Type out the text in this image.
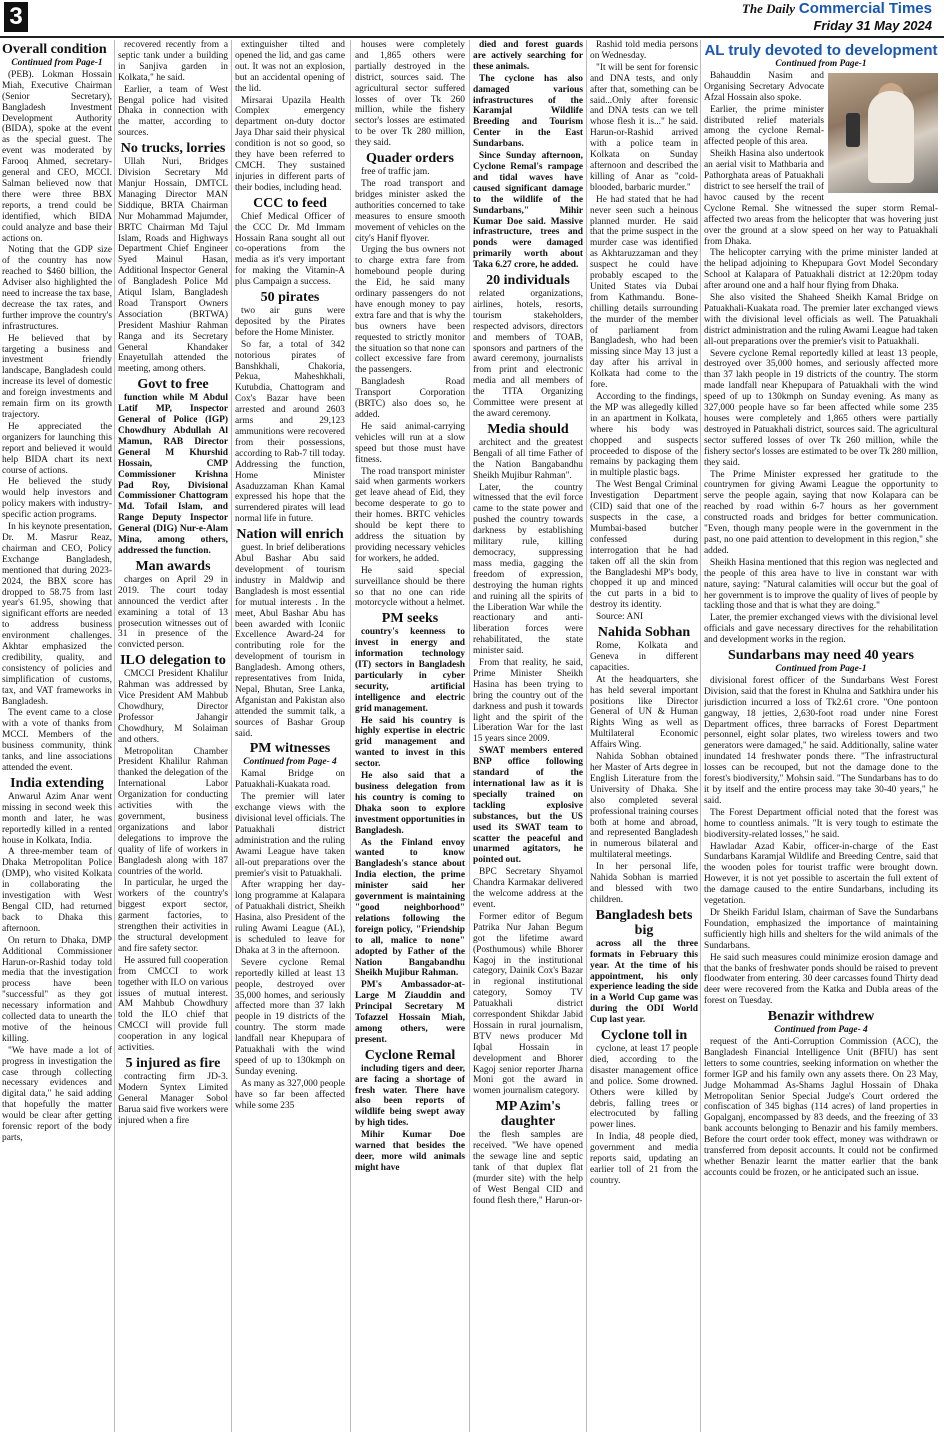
3	The Daily Commercial Times
Friday 31 May 2024
Overall condition
Continued from Page-1

(PEB). Lokman Hossain Miah, Executive Chairman (Senior Secretary), Bangladesh Investment Development Authority (BIDA), spoke at the event as the special guest. The event was moderated by Farooq Ahmed, secretary-general and CEO, MCCI. Salman believed now that there were three BBX reports, a trend could be identified, which BIDA could analyze and base their actions on.

Noting that the GDP size of the country has now reached to $460 billion, the Adviser also highlighted the need to increase the tax base, decrease the tax rates, and further improve the country's infrastructures.

He believed that by targeting a business and investment friendly landscape, Bangladesh could increase its level of domestic and foreign investments and remain firm on its growth trajectory.

He appreciated the organizers for launching this report and believed it would help BIDA chart its next course of actions.

He believed the study would help investors and policy makers with industry-specific action programs.

In his keynote presentation, Dr. M. Masrur Reaz, chairman and CEO, Policy Exchange Bangladesh, mentioned that during 2023-2024, the BBX score has dropped to 58.75 from last year's 61.95, showing that significant efforts are needed to address business environment challenges. Akhtar emphasized the credibility, quality, and consistency of policies and simplification of customs, tax, and VAT frameworks in Bangladesh.

The event came to a close with a vote of thanks from MCCI. Members of the business community, think tanks, and line associations attended the event.

India extending

Anwarul Azim Anar went missing in second week this month and later, he was reportedly killed in a rented house in Kolkata, India.

A three-member team of Dhaka Metropolitan Police (DMP), who visited Kolkata in collaborating the investigation with West Bengal CID, had returned back to Dhaka this afternoon.

On return to Dhaka, DMP Additional Commissioner Harun-or-Rashid today told media that the investigation process have been "successful" as they got necessary information and collected data to unearth the motive of the heinous killing.

"We have made a lot of progress in investigation the case through collecting necessary evidences and digital data," he said adding that hopefully the matter would be clear after getting forensic report of the body parts,

recovered recently from a septic tank under a building in Sanjiva garden in Kolkata," he said.

Earlier, a team of West Bengal police had visited Dhaka in connection with the matter, according to sources.

No trucks, lorries

Ullah Nuri, Bridges Division Secretary Md Manjur Hossain, DMTCL Managing Director MAN Siddique, BRTA Chairman Nur Mohammad Majumder, BRTC Chairman Md Tajul Islam, Roads and Highways Department Chief Engineer Syed Mainul Hasan, Additional Inspector General of Bangladesh Police Md Atiqul Islam, Bangladesh Road Transport Owners Association (BRTWA) President Mashiur Rahman Ranga and its Secretary General Khandaker Enayetullah attended the meeting, among others.

Govt to free

function while M Abdul Latif MP, Inspector General of Police (IGP) Chowdhury Abdullah Al Mamun, RAB Director General M Khurshid Hossain, CMP Commissioner Krishna Pad Roy, Divisional Commissioner Chattogram Md. Tofail Islam, and Range Deputy Inspector General (DIG) Nur-e-Alam Mina, among others, addressed the function.

Man awards

charges on April 29 in 2019. The court today announced the verdict after examining a total of 13 prosecution witnesses out of 31 in presence of the convicted person.

ILO delegation to

CMCCI President Khalilur Rahman was addressed by Vice President AM Mahbub Chowdhury, Director Professor Jahangir Chowdhury, M Solaiman and others.

Metropolitan Chamber President Khalilur Rahman thanked the delegation of the International Labor Organization for conducting activities with the government, business organizations and labor delegations to improve the quality of life of workers in Bangladesh along with 187 countries of the world.

In particular, he urged the workers of the country's biggest export sector, garment factories, to strengthen their activities in the structural development and fire safety sector.

He assured full cooperation from CMCCI to work together with ILO on various issues of mutual interest. AM Mahbub Chowdhury told the ILO chief that CMCCI will provide full cooperation in any logical activities.

5 injured as fire

contracting firm JD-3. Modern Syntex Limited General Manager Sobol Barua said five workers were injured when a fire

extinguisher tilted and opened the lid, and gas came out. It was not an explosion, but an accidental opening of the lid.

Mirsarai Upazila Health Complex emergency department on-duty doctor Jaya Dhar said their physical condition is not so good, so they have been referred to CMCH. They sustained injuries in different parts of their bodies, including head.

CCC to feed

Chief Medical Officer of the CCC Dr. Md Immam Hossain Rana sought all out co-operations from the media as it's very important for making the Vitamin-A plus Campaign a success.

50 pirates

two air guns were deposited by the Pirates before the Home Minister.

So far, a total of 342 notorious pirates of Banshkhali, Chakoria, Pekua, Maheshkhali, Kutubdia, Chattogram and Cox's Bazar have been arrested and around 2603 arms and 29,123 ammunitions were recovered from their possessions, according to Rab-7 till today. Addressing the function, Home Minister Asaduzzaman Khan Kamal expressed his hope that the surrendered pirates will lead normal life in future.

Nation will enrich

guest. In brief deliberations Abul Bashar Abu said development of tourism industry in Maldwip and Bangladesh is most essential for mutual interests . In the meet, Abul Bashar Abu has been awarded with Iconiic Excellence Award-24 for contributing role for the development of tourism in Bangladesh. Among others, representatives from Inida, Nepal, Bhutan, Sree Lanka, Afganistan and Pakistan also attended the summit talk, a sources of Bashar Group said.

PM witnesses
Continued from Page- 4

Kamal Bridge on Patuakhali-Kuakata road.

The premier will later exchange views with the divisional level officials. The Patuakhali district administration and the ruling Awami League have taken all-out preparations over the premier's visit to Patuakhali.

After wrapping her day-long programme at Kalapara of Patuakhali district, Sheikh Hasina, also President of the ruling Awami League (AL), is scheduled to leave for Dhaka at 3 in the afternoon.

Severe cyclone Remal reportedly killed at least 13 people, destroyed over 35,000 homes, and seriously affected more than 37 lakh people in 19 districts of the country. The storm made landfall near Khepupara of Patuakhali with the wind speed of up to 130kmph on Sunday evening.

As many as 327,000 people have so far been affected while some 235

houses were completely and 1,865 others were partially destroyed in the district, sources said. The agricultural sector suffered losses of over Tk 260 million, while the fishery sector's losses are estimated to be over Tk 280 million, they said.

Quader orders

free of traffic jam.

The road transport and bridges minister asked the authorities concerned to take measures to ensure smooth movement of vehicles on the city's Hanif flyover.

Urging the bus owners not to charge extra fare from homebound people during the Eid, he said many ordinary passengers do not have enough money to pay extra fare and that is why the bus owners have been requested to strictly monitor the situation so that none can collect excessive fare from the passengers.

Bangladesh Road Transport Corporation (BRTC) also does so, he added.

He said animal-carrying vehicles will run at a slow speed but those must have fitness.

The road transport minister said when garments workers get leave ahead of Eid, they become desperate to go to their homes. BRTC vehicles should be kept there to address the situation by providing necessary vehicles for workers, he added.

He said special surveillance should be there so that no one can ride motorcycle without a helmet.

PM seeks

country's keenness to invest in energy and information technology (IT) sectors in Bangladesh particularly in cyber security, artificial intelligence and electric grid management.

He said his country is highly expertise in electric grid management and wanted to invest in this sector.

He also said that a business delegation from his country is coming to Dhaka soon to explore investment opportunities in Bangladesh.

As the Finland envoy wanted to know Bangladesh's stance about India election, the prime minister said her government is maintaining "good neighborhood" relations following the foreign policy, "Friendship to all, malice to none" adopted by Father of the Nation Bangabandhu Sheikh Mujibur Rahman.

PM's Ambassador-at-Large M Ziauddin and Principal Secretary M Tofazzel Hossain Miah, among others, were present.

Cyclone Remal

including tigers and deer, are facing a shortage of fresh water. There have also been reports of wildlife being swept away by high tides.

Mihir Kumar Doe warned that besides the deer, more wild animals might have

died and forest guards are actively searching for these animals.

The cyclone has also damaged various infrastructures of the Karamjal Wildlife Breeding and Tourism Center in the East Sundarbans.

Since Sunday afternoon, Cyclone Remal's rampage and tidal waves have caused significant damage to the wildlife of the Sundarbans," Mihir Kumar Doe said. Massive infrastructure, trees and ponds were damaged primarily worth about Taka 6.27 crore, he added.

20 individuals

related organizations, airlines, hotels, resorts, tourism stakeholders, respected advisors, directors and members of TOAB, sponsors and partners of the award ceremony, journalists from print and electronic media and all members of the TITA Organizing Committee were present at the award ceremony.

Media should

architect and the greatest Bengali of all time Father of the Nation Bangabandhu Sheikh Mujibur Rahman".

Later, the country witnessed that the evil force came to the state power and pushed the country towards darkness by establishing military rule, killing democracy, suppressing mass media, gagging the freedom of expression, destroying the human rights and ruining all the spirits of the Liberation War while the reactionary and anti-liberation forces were rehabilitated, the state minister said.

From that reality, he said, Prime Minister Sheikh Hasina has been trying to bring the country out of the darkness and push it towards light and the spirit of the Liberation War for the last 15 years since 2009.

SWAT members entered BNP office following standard of the international law as it is specially trained on tackling explosive substances, but the US used its SWAT team to scatter the peaceful and unarmed agitators, he pointed out.

BPC Secretary Shyamol Chandra Karmakar delivered the welcome address at the event.

Former editor of Begum Patrika Nur Jahan Begum got the lifetime award (Posthumous) while Bhorer Kagoj in the institutional category, Dainik Cox's Bazar in regional institutional category, Somoy TV Patuakhali district correspondent Shikdar Jabid Hossain in rural journalism, BTV news producer Md Iqbal Hossain in development and Bhorer Kagoj senior reporter Jharna Moni got the award in women journalism category.

MP Azim's daughter

the flesh samples are received. "We have opened the sewage line and septic tank of that duplex flat (murder site) with the help of West Bengal CID and found flesh there," Harun-or-

Rashid told media persons on Wednesday.

"It will be sent for forensic and DNA tests, and only after that, something can be said...Only after forensic and DNA tests can we tell whose flesh it is..." he said. Harun-or-Rashid arrived with a police team in Kolkata on Sunday afternoon and described the killing of Anar as "cold-blooded, barbaric murder."

He had stated that he had never seen such a heinous planned murder. He said that the prime suspect in the murder case was identified as Akhtaruzzaman and they suspect he could have probably escaped to the United States via Dubai from Kathmandu. Bone-chilling details surrounding the murder of the member of parliament from Bangladesh, who had been missing since May 13 just a day after his arrival in Kolkata had come to the fore.

According to the findings, the MP was allegedly killed in an apartment in Kolkata, where his body was chopped and suspects proceeded to dispose of the remains by packaging them in multiple plastic bags.

The West Bengal Criminal Investigation Department (CID) said that one of the suspects in the case, a Mumbai-based butcher confessed during interrogation that he had taken off all the skin from the Bangladeshi MP's body, chopped it up and minced the cut parts in a bid to destroy its identity.

Source: ANI

Nahida Sobhan

Rome, Kolkata and Geneva in different capacities.

At the headquarters, she has held several important positions like Director General of UN & Human Rights Wing as well as Multilateral Economic Affairs Wing.

Nahida Sobhan obtained her Master of Arts degree in English Literature from the University of Dhaka. She also completed several professional training courses both at home and abroad, and represented Bangladesh in numerous bilateral and multilateral meetings.

In her personal life, Nahida Sobhan is married and blessed with two children.

Bangladesh bets big

across all the three formats in February this year. At the time of his appointment, his only experience leading the side in a World Cup game was during the ODI World Cup last year.

Cyclone toll in

cyclone, at least 17 people died, according to the disaster management office and police. Some drowned. Others were killed by debris, falling trees or electrocuted by falling power lines.

In India, 48 people died, government and media reports said, updating an earlier toll of 21 from the country.

AL truly devoted to development
Continued from Page-1

Bahauddin Nasim and Organising Secretary Advocate Afzal Hossain also spoke.

Earlier, the prime minister distributed relief materials among the cyclone Remal-affected people of this area.

Sheikh Hasina also undertook an aerial visit to Mathbaria and Pathorghata areas of Patuakhali district to see herself the trail of havoc caused by the recent Cyclone Remal. She witnessed the super storm Remal-affected two areas from the helicopter that was hovering just over the ground at a slow speed on her way to Patuakhali from Dhaka.

The helicopter carrying with the prime minister landed at the helipad adjoining to Khepupara Govt Model Secondary School at Kalapara of Patuakhali district at 12:20pm today after around one and a half hour flying from Dhaka.

She also visited the Shaheed Sheikh Kamal Bridge on Patuakhali-Kuakata road. The premier later exchanged views with the divisional level officials as well. The Patuakhali district administration and the ruling Awami League had taken all-out preparations over the premier's visit to Patuakhali.

Severe cyclone Remal reportedly killed at least 13 people, destroyed over 35,000 homes, and seriously affected more than 37 lakh people in 19 districts of the country. The storm made landfall near Khepupara of Patuakhali with the wind speed of up to 130kmph on Sunday evening. As many as 327,000 people have so far been affected while some 235 houses were completely and 1,865 others were partially destroyed in Patuakhali district, sources said. The agricultural sector suffered losses of over Tk 260 million, while the fishery sector's losses are estimated to be over Tk 280 million, they said.

The Prime Minister expressed her gratitude to the countrymen for giving Awami League the opportunity to serve the people again, saying that now Kolapara can be reached by road within 6-7 hours as her government constructed roads and bridges for better communication. "Even, though many people were in the government in the past, no one paid attention to development in this region," she added.

Sheikh Hasina mentioned that this region was neglected and the people of this area have to live in constant war with nature, saying: "Natural calamities will occur but the goal of her government is to improve the quality of lives of people by tackling those and that is what they are doing."

Later, the premier exchanged views with the divisional level officials and gave necessary directives for the rehabilitation and development works in the region.

Sundarbans may need 40 years
Continued from Page-1

divisional forest officer of the Sundarbans West Forest Division, said that the forest in Khulna and Satkhira under his jurisdiction incurred a loss of Tk2.61 crore. "One pontoon gangway, 18 jetties, 2,630-foot road under nine Forest Department offices, three barracks of Forest Department personnel, eight solar plates, two wireless towers and two generators were damaged," he said. Additionally, saline water inundated 14 freshwater ponds there. "The infrastructural losses can be recouped, but not the damage done to the forest's biodiversity," Mohsin said. "The Sundarbans has to do it by itself and the entire process may take 30-40 years," he said.

The Forest Department official noted that the forest was home to countless animals. "It is very tough to estimate the biodiversity-related losses," he said.

Hawladar Azad Kabir, officer-in-charge of the East Sundarbans Karamjal Wildlife and Breeding Centre, said that the wooden poles for tourist traffic were brought down. However, it is not yet possible to ascertain the full extent of the damage caused to the entire Sundarbans, including its vegetation.

Dr Sheikh Faridul Islam, chairman of Save the Sundarbans Foundation, emphasized the importance of maintaining sufficiently high hills and shelters for the wild animals of the Sundarbans.

He said such measures could minimize erosion damage and that the banks of freshwater ponds should be raised to prevent floodwater from entering. 30 deer carcasses found Thirty dead deer were recovered from the Katka and Dubla areas of the forest on Tuesday.

Benazir withdrew
Continued from Page- 4

request of the Anti-Corruption Commission (ACC), the Bangladesh Financial Intelligence Unit (BFIU) has sent letters to some countries, seeking information on whether the former IGP and his family own any assets there. On 23 May, Judge Mohammad As-Shams Jaglul Hossain of Dhaka Metropolitan Senior Special Judge's Court ordered the confiscation of 345 bighas (114 acres) of land properties in Gopalganj, encompassed by 83 deeds, and the freezing of 33 bank accounts belonging to Benazir and his family members. Before the court order took effect, money was withdrawn or transferred from deposit accounts. It could not be confirmed whether Benazir learnt the matter earlier that the bank accounts could be frozen, or he anticipated such an issue.
